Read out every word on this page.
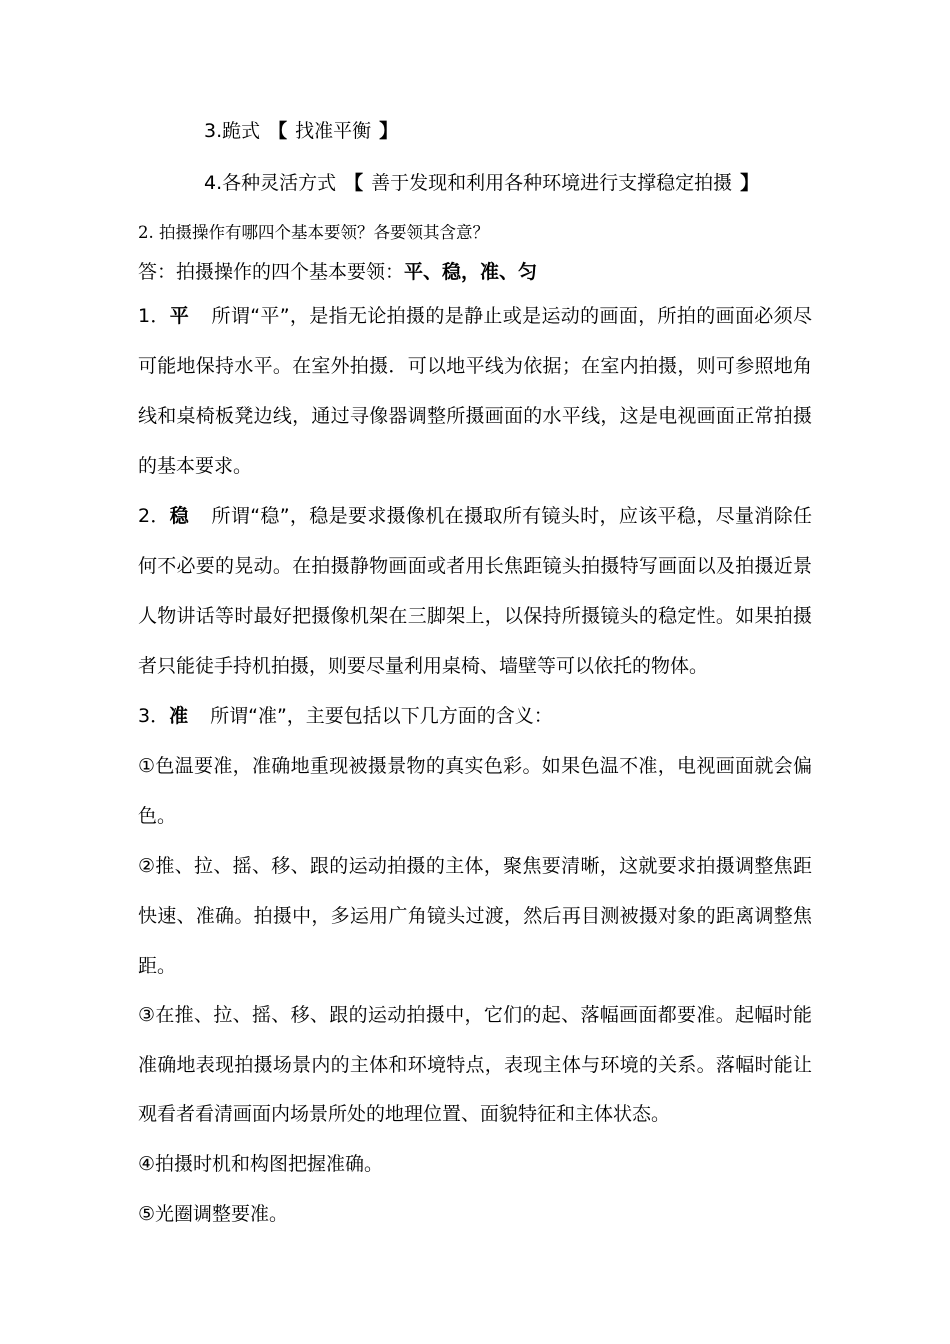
3.跪式 【 找准平衡 】
4.各种灵活方式 【 善于发现和利用各种环境进行支撑稳定拍摄 】
2. 拍摄操作有哪四个基本要领？各要领其含意？
答：拍摄操作的四个基本要领：平、稳，准、匀
1．平 所谓“平”，是指无论拍摄的是静止或是运动的画面，所拍的画面必须尽
可能地保持水平。在室外拍摄．可以地平线为依据；在室内拍摄，则可参照地角
线和桌椅板凳边线，通过寻像器调整所摄画面的水平线，这是电视画面正常拍摄
的基本要求。
2．稳 所谓“稳”，稳是要求摄像机在摄取所有镜头时，应该平稳，尽量消除任
何不必要的晃动。在拍摄静物画面或者用长焦距镜头拍摄特写画面以及拍摄近景
人物讲话等时最好把摄像机架在三脚架上，以保持所摄镜头的稳定性。如果拍摄
者只能徒手持机拍摄，则要尽量利用桌椅、墙壁等可以依托的物体。
3．准 所谓“准”，主要包括以下几方面的含义：
①色温要准，准确地重现被摄景物的真实色彩。如果色温不准，电视画面就会偏
色。
②推、拉、摇、移、跟的运动拍摄的主体，聚焦要清晰，这就要求拍摄调整焦距
快速、准确。拍摄中，多运用广角镜头过渡，然后再目测被摄对象的距离调整焦
距。
③在推、拉、摇、移、跟的运动拍摄中，它们的起、落幅画面都要准。起幅时能
准确地表现拍摄场景内的主体和环境特点，表现主体与环境的关系。落幅时能让
观看者看清画面内场景所处的地理位置、面貌特征和主体状态。
④拍摄时机和构图把握准确。
⑤光圈调整要准。
